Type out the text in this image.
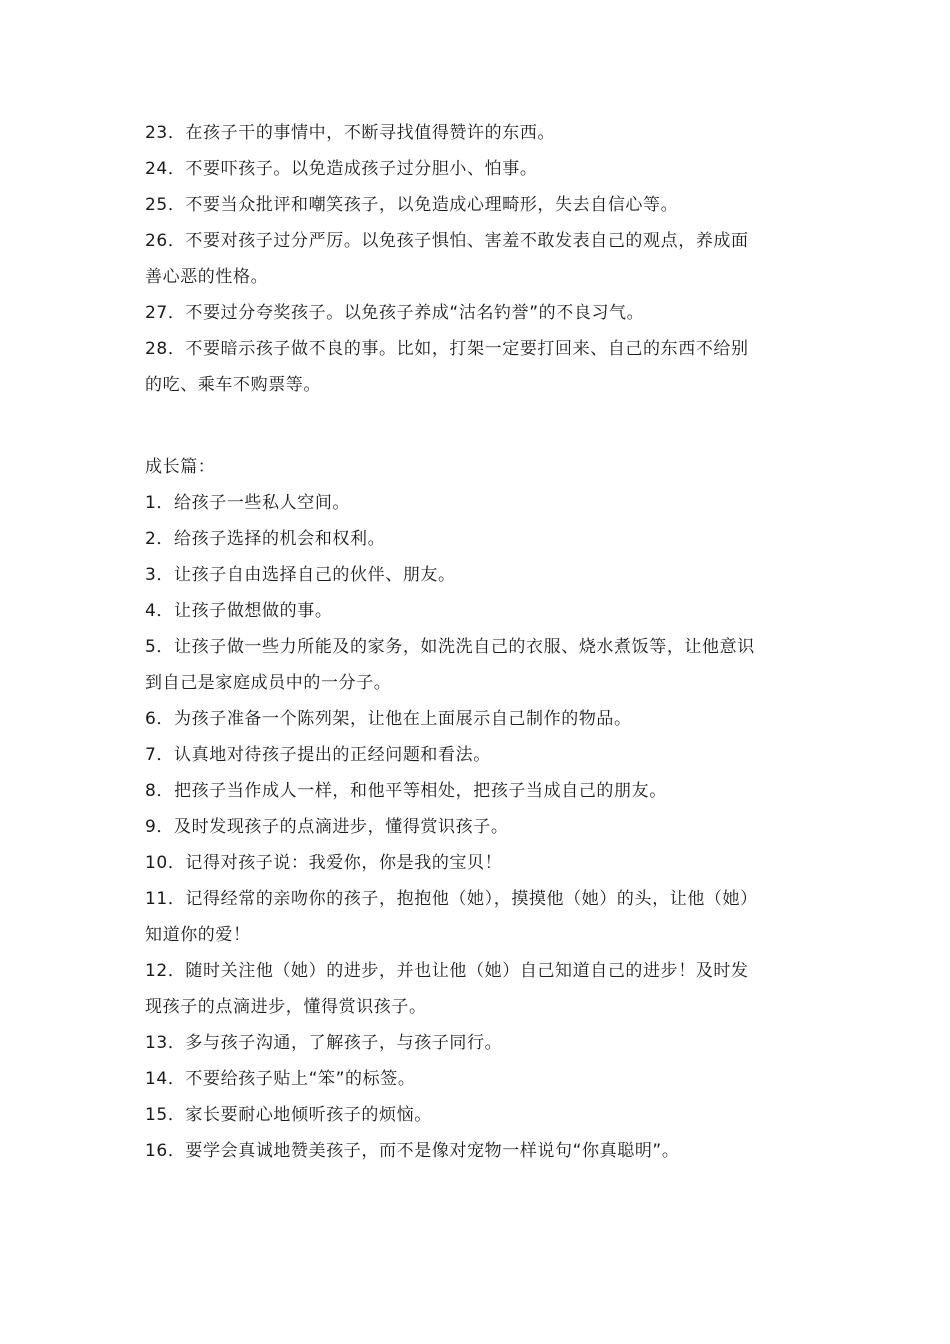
23．在孩子干的事情中，不断寻找值得赞许的东西。
24．不要吓孩子。以免造成孩子过分胆小、怕事。
25．不要当众批评和嘲笑孩子，以免造成心理畸形，失去自信心等。
26．不要对孩子过分严厉。以免孩子惧怕、害羞不敢发表自己的观点，养成面
善心恶的性格。
27．不要过分夸奖孩子。以免孩子养成“沽名钓誉”的不良习气。
28．不要暗示孩子做不良的事。比如，打架一定要打回来、自己的东西不给别
的吃、乘车不购票等。
成长篇：
1．给孩子一些私人空间。
2．给孩子选择的机会和权利。
3．让孩子自由选择自己的伙伴、朋友。
4．让孩子做想做的事。
5．让孩子做一些力所能及的家务，如洗洗自己的衣服、烧水煮饭等，让他意识
到自己是家庭成员中的一分子。
6．为孩子准备一个陈列架，让他在上面展示自己制作的物品。
7．认真地对待孩子提出的正经问题和看法。
8．把孩子当作成人一样，和他平等相处，把孩子当成自己的朋友。
9．及时发现孩子的点滴进步，懂得赏识孩子。
10．记得对孩子说：我爱你，你是我的宝贝！
11．记得经常的亲吻你的孩子，抱抱他（她），摸摸他（她）的头，让他（她）
知道你的爱！
12．随时关注他（她）的进步，并也让他（她）自己知道自己的进步！及时发
现孩子的点滴进步，懂得赏识孩子。
13．多与孩子沟通，了解孩子，与孩子同行。
14．不要给孩子贴上“笨”的标签。
15．家长要耐心地倾听孩子的烦恼。
16．要学会真诚地赞美孩子，而不是像对宠物一样说句“你真聪明”。
